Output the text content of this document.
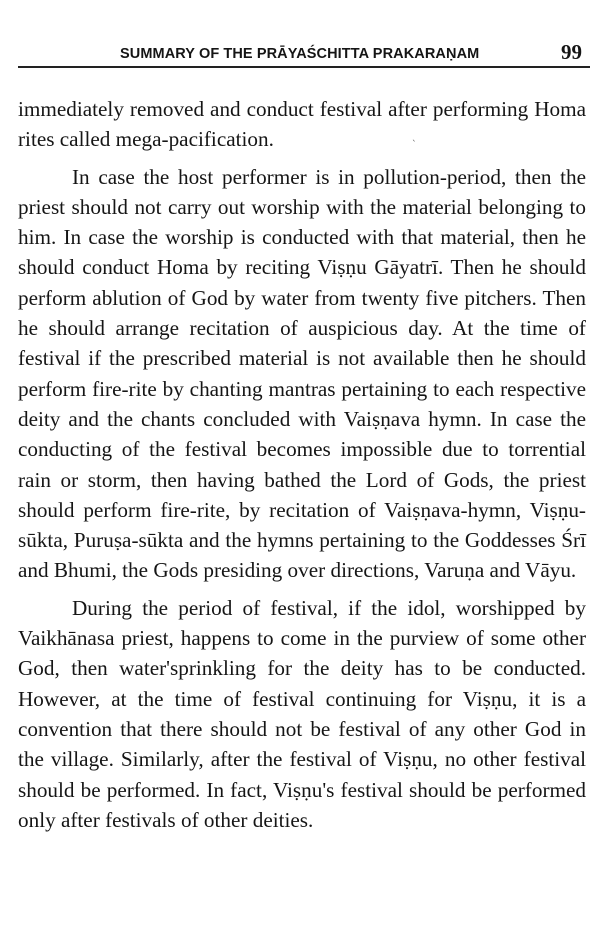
SUMMARY OF THE PRĀYAŚCHITTA PRAKARAṆAM	99
ˋ

immediately removed and conduct festival after performing Homa rites called mega-pacification.

In case the host performer is in pollution-period, then the priest should not carry out worship with the material belonging to him. In case the worship is conducted with that material, then he should conduct Homa by reciting Viṣṇu Gāyatrī. Then he should perform ablution of God by water from twenty five pitchers. Then he should arrange recitation of auspicious day. At the time of festival if the prescribed material is not available then he should perform fire-rite by chanting mantras pertaining to each respective deity and the chants concluded with Vaiṣṇava hymn. In case the conducting of the festival becomes impossible due to torrential rain or storm, then having bathed the Lord of Gods, the priest should perform fire-rite, by recitation of Vaiṣṇava-hymn, Viṣṇu-sūkta, Puruṣa-sūkta and the hymns pertaining to the Goddesses Śrī and Bhumi, the Gods presiding over directions, Varuṇa and Vāyu.

During the period of festival, if the idol, worshipped by Vaikhānasa priest, happens to come in the purview of some other God, then water'sprinkling for the deity has to be conducted. However, at the time of festival continuing for Viṣṇu, it is a convention that there should not be festival of any other God in the village. Similarly, after the festival of Viṣṇu, no other festival should be performed. In fact, Viṣṇu's festival should be performed only after festivals of other deities.
